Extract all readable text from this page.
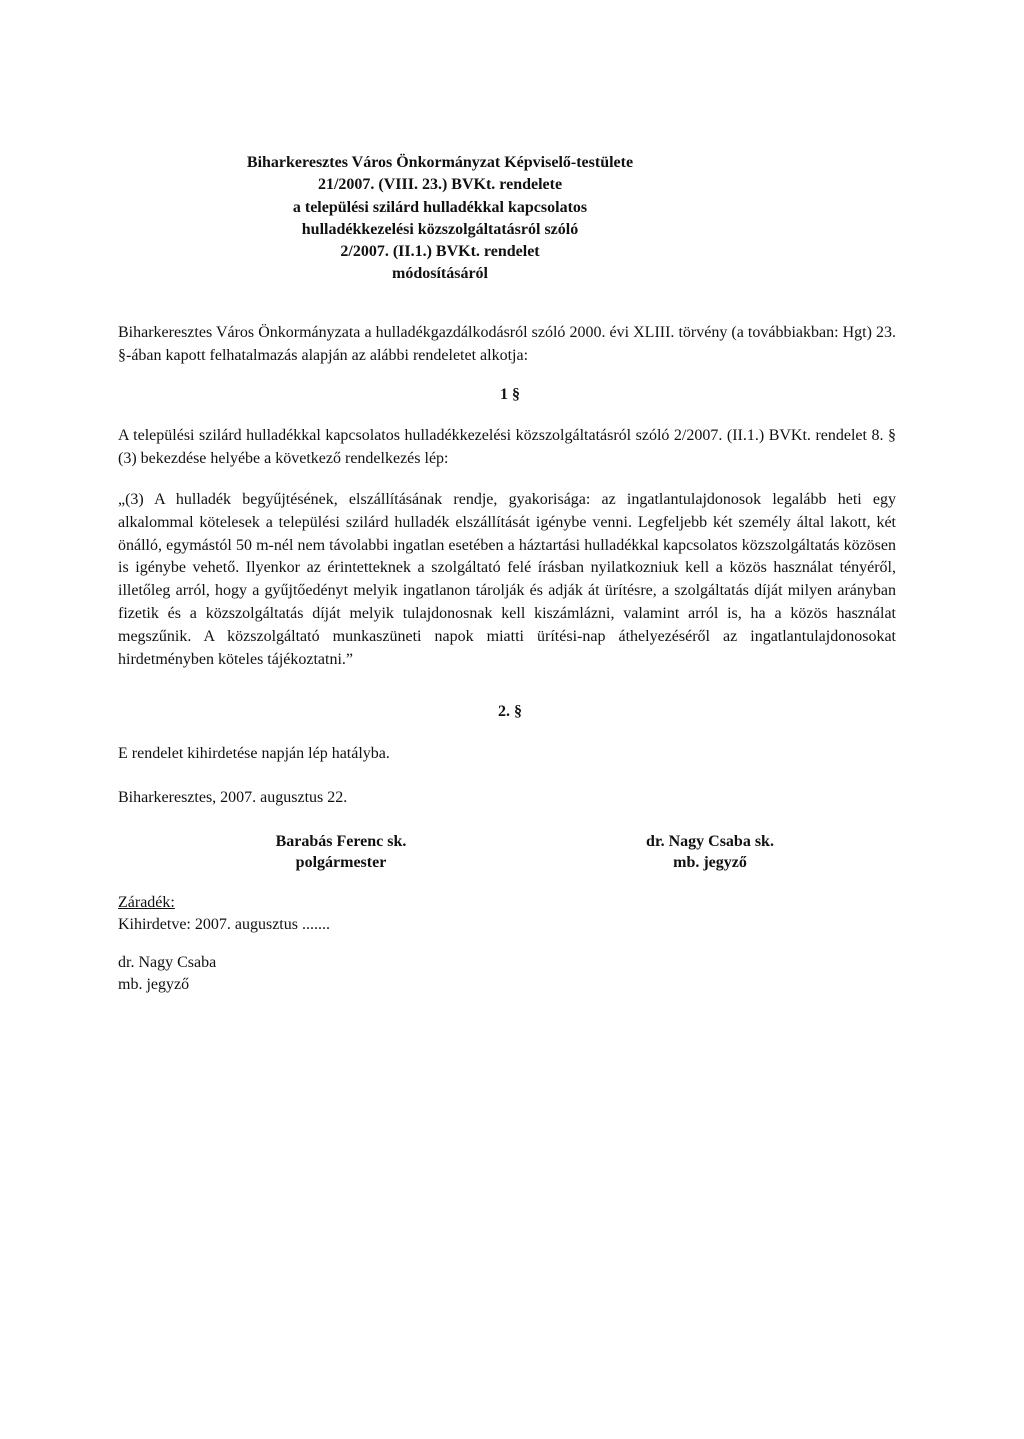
Biharkeresztes Város Önkormányzat Képviselő-testülete
21/2007. (VIII. 23.) BVKt. rendelete
a települési szilárd hulladékkal kapcsolatos
hulladékkezelési közszolgáltatásról szóló
2/2007. (II.1.) BVKt. rendelet
módosításáról
Biharkeresztes Város Önkormányzata a hulladékgazdálkodásról szóló 2000. évi XLIII. törvény (a továbbiakban: Hgt) 23. §-ában kapott felhatalmazás alapján az alábbi rendeletet alkotja:
1 §
A települési szilárd hulladékkal kapcsolatos hulladékkezelési közszolgáltatásról szóló 2/2007. (II.1.) BVKt. rendelet 8. § (3) bekezdése helyébe a következő rendelkezés lép:
„(3) A hulladék begyűjtésének, elszállításának rendje, gyakorisága: az ingatlantulajdonosok legalább heti egy alkalommal kötelesek a települési szilárd hulladék elszállítását igénybe venni. Legfeljebb két személy által lakott, két önálló, egymástól 50 m-nél nem távolabbi ingatlan esetében a háztartási hulladékkal kapcsolatos közszolgáltatás közösen is igénybe vehető. Ilyenkor az érintetteknek a szolgáltató felé írásban nyilatkozniuk kell a közös használat tényéről, illetőleg arról, hogy a gyűjtőedényt melyik ingatlanon tárolják és adják át ürítésre, a szolgáltatás díját milyen arányban fizetik és a közszolgáltatás díját melyik tulajdonosnak kell kiszámlázni, valamint arról is, ha a közös használat megszűnik. A közszolgáltató munkaszüneti napok miatti ürítési-nap áthelyezéséről az ingatlantulajdonosokat hirdetményben köteles tájékoztatni.”
2. §
E rendelet kihirdetése napján lép hatályba.
Biharkeresztes, 2007. augusztus 22.
Barabás Ferenc sk.
polgármester
dr. Nagy Csaba sk.
mb. jegyző
Záradék:
Kihirdetve: 2007. augusztus .......
dr. Nagy Csaba
mb. jegyző
06/09 2007 09:39 FAX 0654541052
BKERESZTES P.H.
